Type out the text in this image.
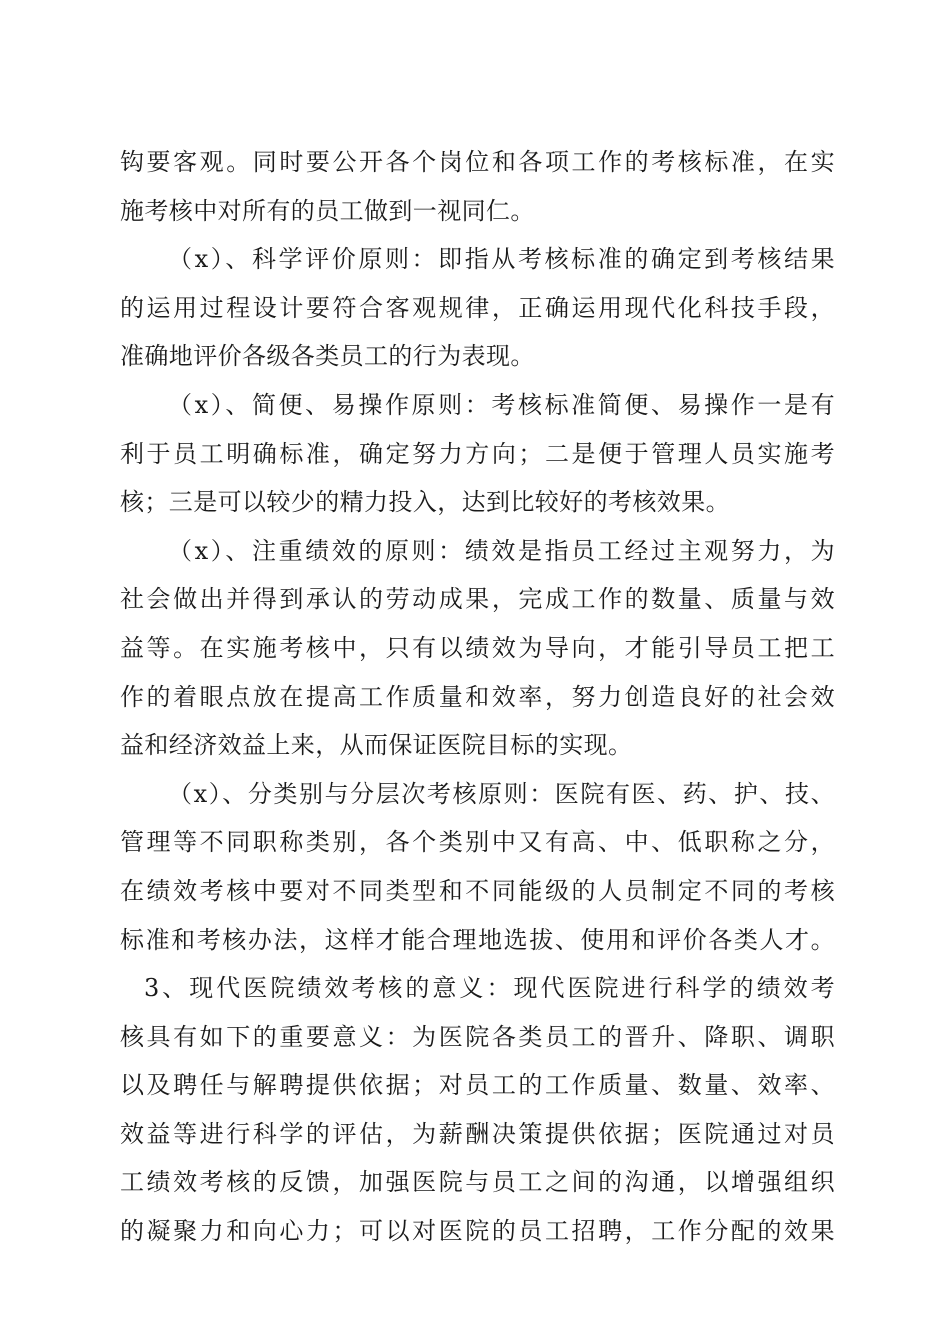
钩要客观。同时要公开各个岗位和各项工作的考核标准，在实
施考核中对所有的员工做到一视同仁。
（x）、科学评价原则：即指从考核标准的确定到考核结果
的运用过程设计要符合客观规律，正确运用现代化科技手段，
准确地评价各级各类员工的行为表现。
（x）、简便、易操作原则：考核标准简便、易操作一是有
利于员工明确标准，确定努力方向；二是便于管理人员实施考
核；三是可以较少的精力投入，达到比较好的考核效果。
（x）、注重绩效的原则：绩效是指员工经过主观努力，为
社会做出并得到承认的劳动成果，完成工作的数量、质量与效
益等。在实施考核中，只有以绩效为导向，才能引导员工把工
作的着眼点放在提高工作质量和效率，努力创造良好的社会效
益和经济效益上来，从而保证医院目标的实现。
（x）、分类别与分层次考核原则：医院有医、药、护、技、
管理等不同职称类别，各个类别中又有高、中、低职称之分，
在绩效考核中要对不同类型和不同能级的人员制定不同的考核
标准和考核办法，这样才能合理地选拔、使用和评价各类人才。
3、现代医院绩效考核的意义：现代医院进行科学的绩效考
核具有如下的重要意义：为医院各类员工的晋升、降职、调职
以及聘任与解聘提供依据；对员工的工作质量、数量、效率、
效益等进行科学的评估，为薪酬决策提供依据；医院通过对员
工绩效考核的反馈，加强医院与员工之间的沟通，以增强组织
的凝聚力和向心力；可以对医院的员工招聘，工作分配的效果
